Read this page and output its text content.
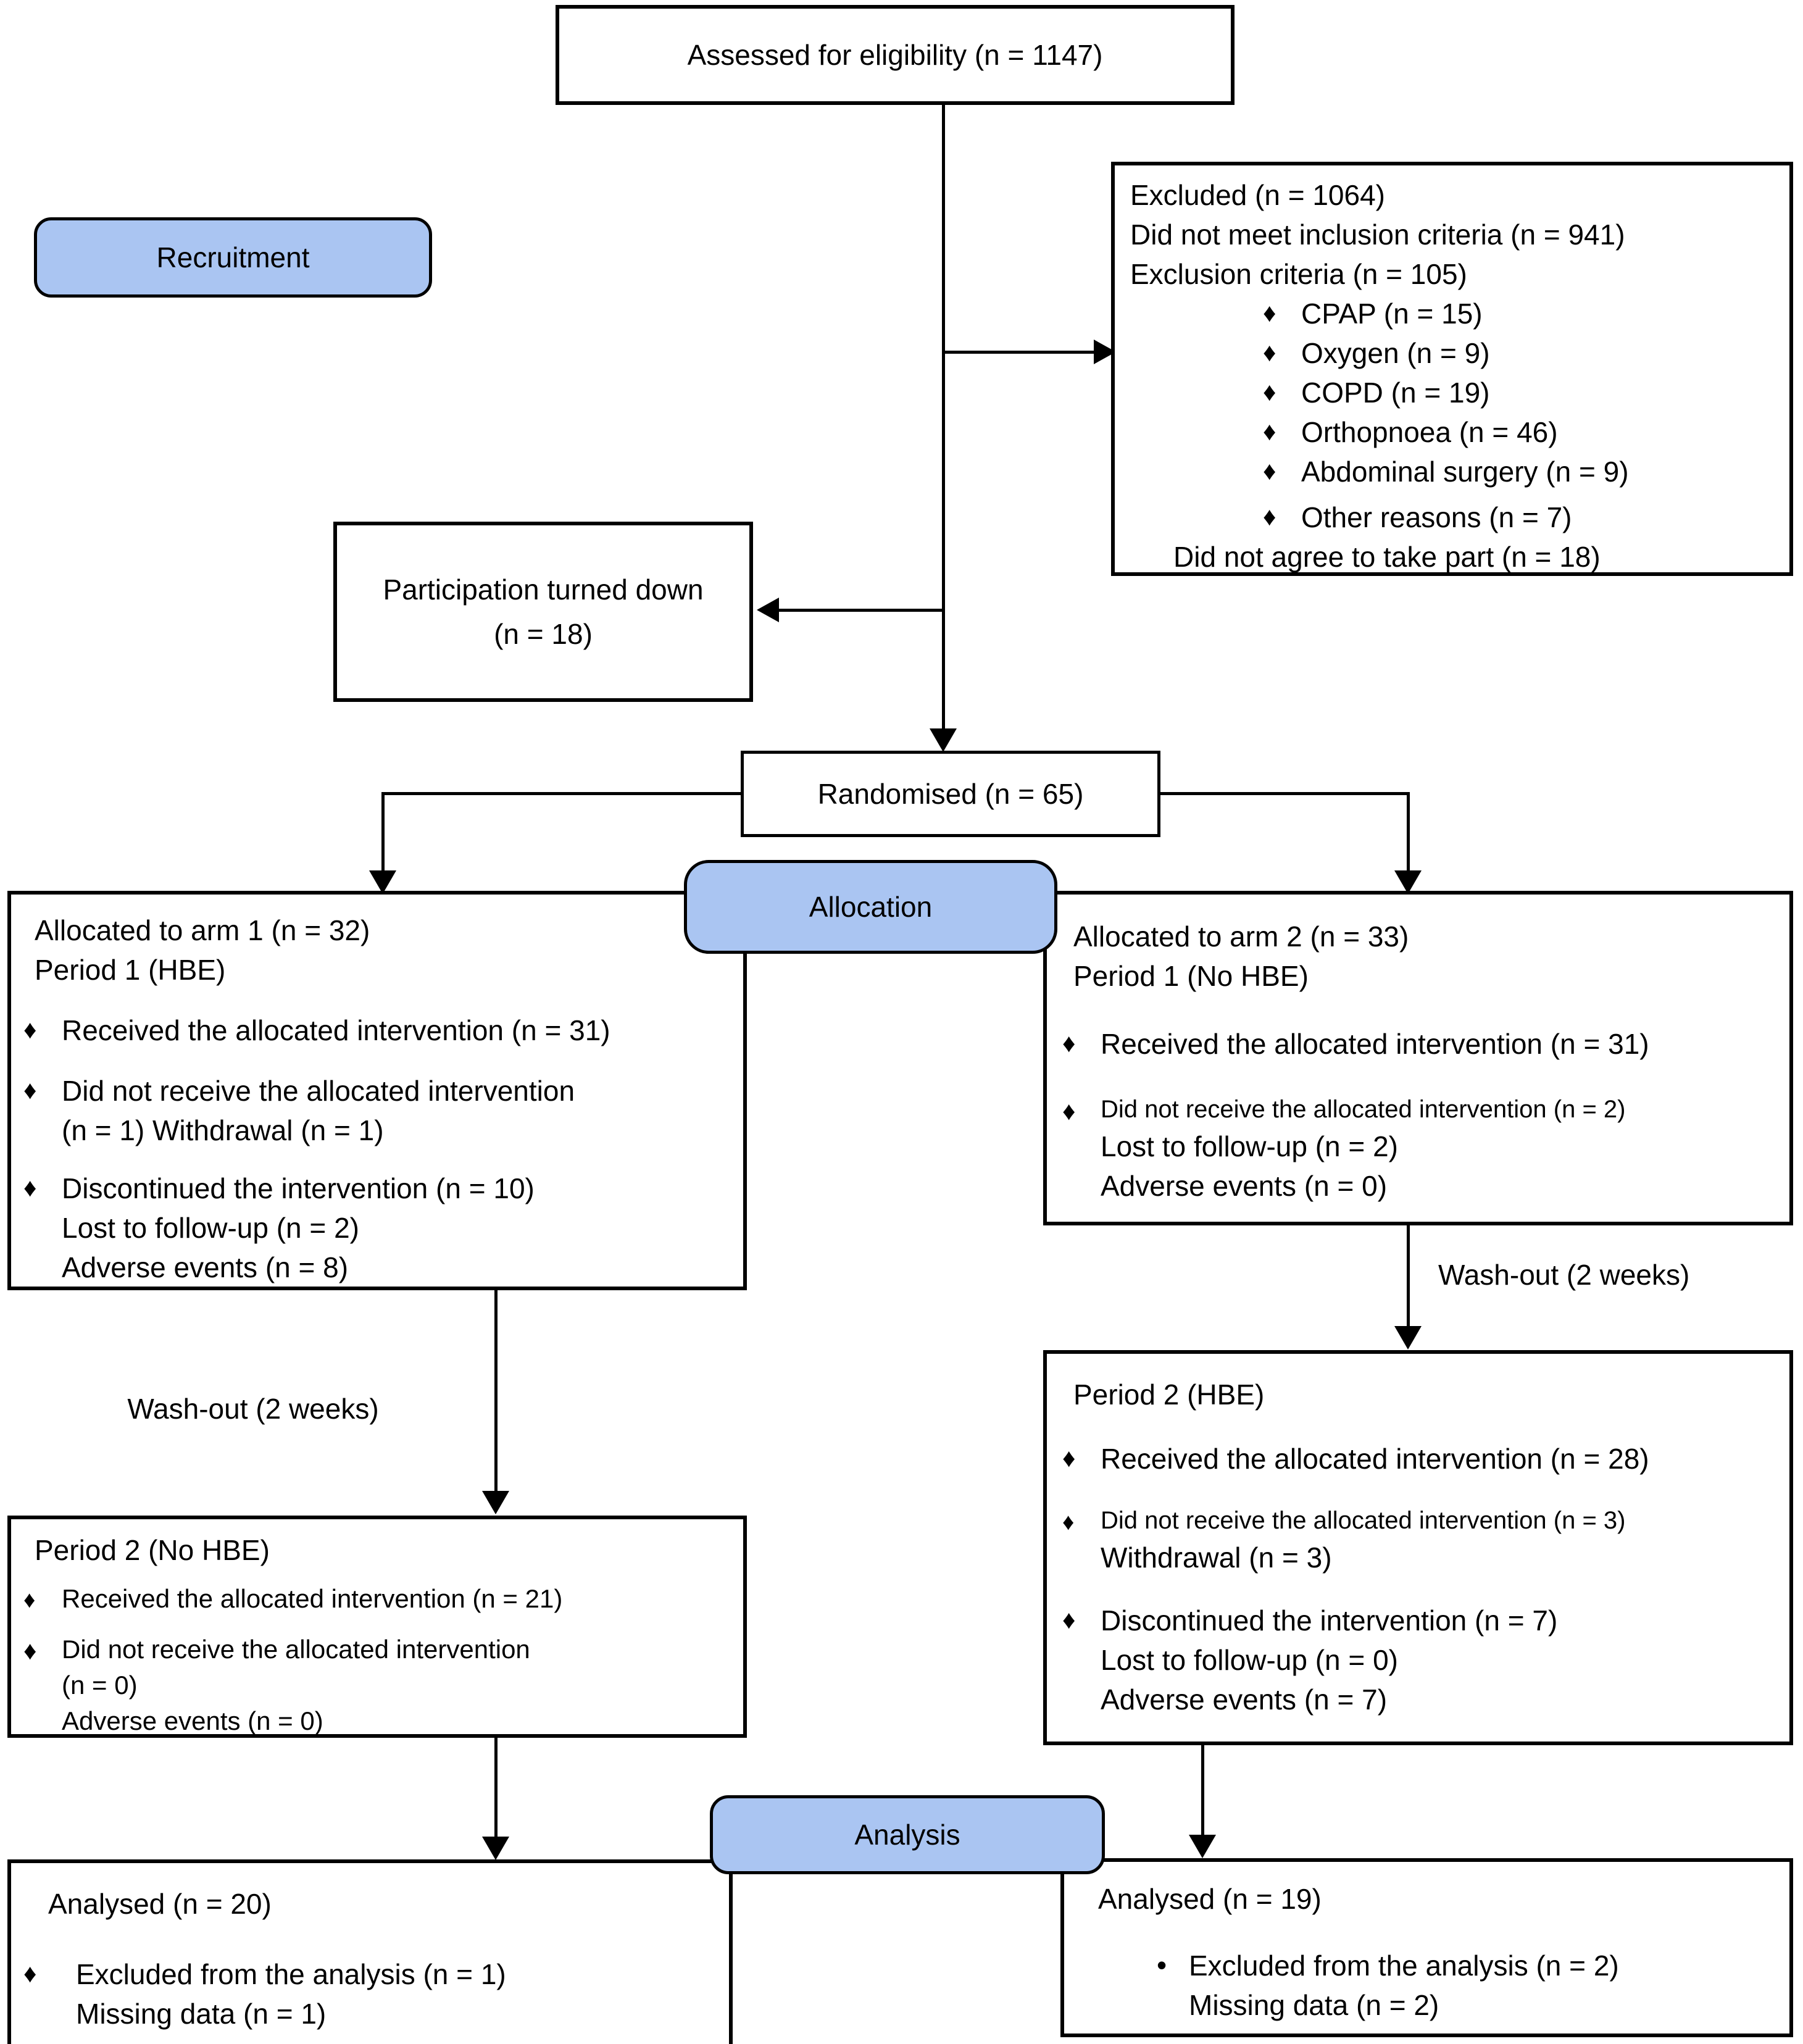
Assessed for eligibility (n = 1147)
Recruitment
Excluded (n = 1064)
Did not meet inclusion criteria (n = 941)
Exclusion criteria (n = 105)
♦ CPAP (n = 15)
♦ Oxygen (n = 9)
♦ COPD (n = 19)
♦ Orthopnoea (n = 46)
♦ Abdominal surgery (n = 9)
♦ Other reasons (n = 7)
Did not agree to take part (n = 18)
Participation turned down
(n = 18)
Randomised (n = 65)
Allocation
Allocated to arm 1 (n = 32)
Period 1 (HBE)
♦ Received the allocated intervention (n = 31)
♦ Did not receive the allocated intervention
(n = 1) Withdrawal (n = 1)
♦ Discontinued the intervention (n = 10)
Lost to follow-up (n = 2)
Adverse events (n = 8)
Allocated to arm 2 (n = 33)
Period 1 (No HBE)
♦ Received the allocated intervention (n = 31)
♦	Did not receive the allocated intervention (n = 2)
Lost to follow-up (n = 2)
Adverse events (n = 0)
Wash-out (2 weeks)
Wash-out (2 weeks)
Period 2 (No HBE)
♦	Received the allocated intervention (n = 21)
♦ Did not receive the allocated intervention
(n = 0)
Adverse events (n = 0)
Period 2 (HBE)
♦ Received the allocated intervention (n = 28)
♦	Did not receive the allocated intervention (n = 3)
Withdrawal (n = 3)
♦ Discontinued the intervention (n = 7)
Lost to follow-up (n = 0)
Adverse events (n = 7)
Analysis
Analysed (n = 20)
♦	Excluded from the analysis (n = 1)
Missing data (n = 1)
Analysed (n = 19)
• Excluded from the analysis (n = 2)
Missing data (n = 2)
